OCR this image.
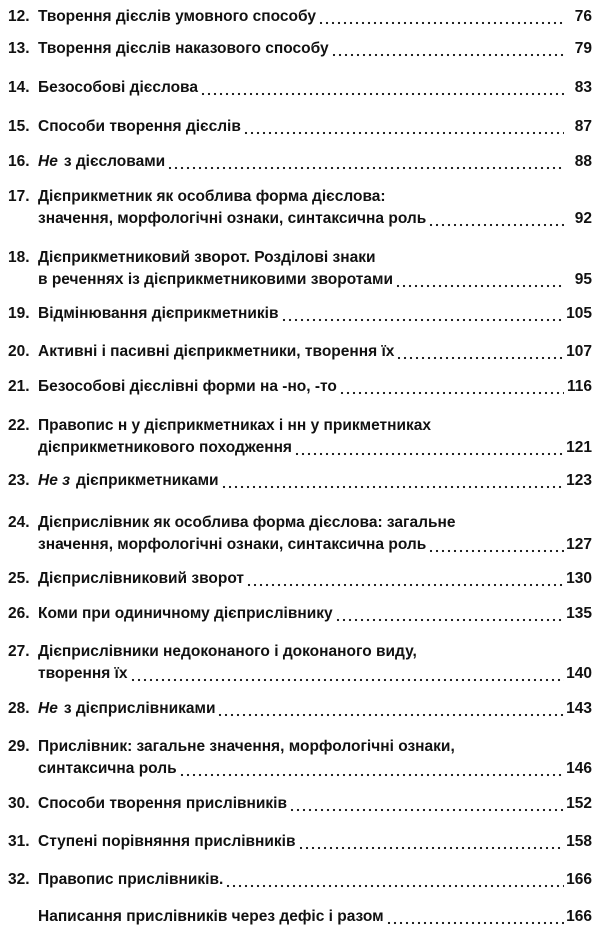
12. Творення дієслів умовного способу	76
13. Творення дієслів наказового способу	79
14. Безособові дієслова	83
15. Способи творення дієслів	87
16. Не з дієсловами	88
17. Дієприкметник як особлива форма дієслова:
значення, морфологічні ознаки, синтаксична роль	92
18. Дієприкметниковий зворот. Розділові знаки
в реченнях із дієприкметниковими зворотами	95
19. Відмінювання дієприкметників	105
20. Активні і пасивні дієприкметники, творення їх	107
21. Безособові дієслівні форми на -но, -то	116
22. Правопис н у дієприкметниках і нн у прикметниках
дієприкметникового походження	121
23. Не з дієприкметниками	123
24. Дієприслівник як особлива форма дієслова: загальне
значення, морфологічні ознаки, синтаксична роль	127
25. Дієприслівниковий зворот	130
26. Коми при одиничному дієприслівнику	135
27. Дієприслівники недоконаного і доконаного виду,
творення їх	140
28. Не з дієприслівниками	143
29. Прислівник: загальне значення, морфологічні ознаки,
синтаксична роль	146
30. Способи творення прислівників	152
31. Ступені порівняння прислівників	158
32. Правопис прислівників.	166
Написання прислівників через дефіс і разом	166
